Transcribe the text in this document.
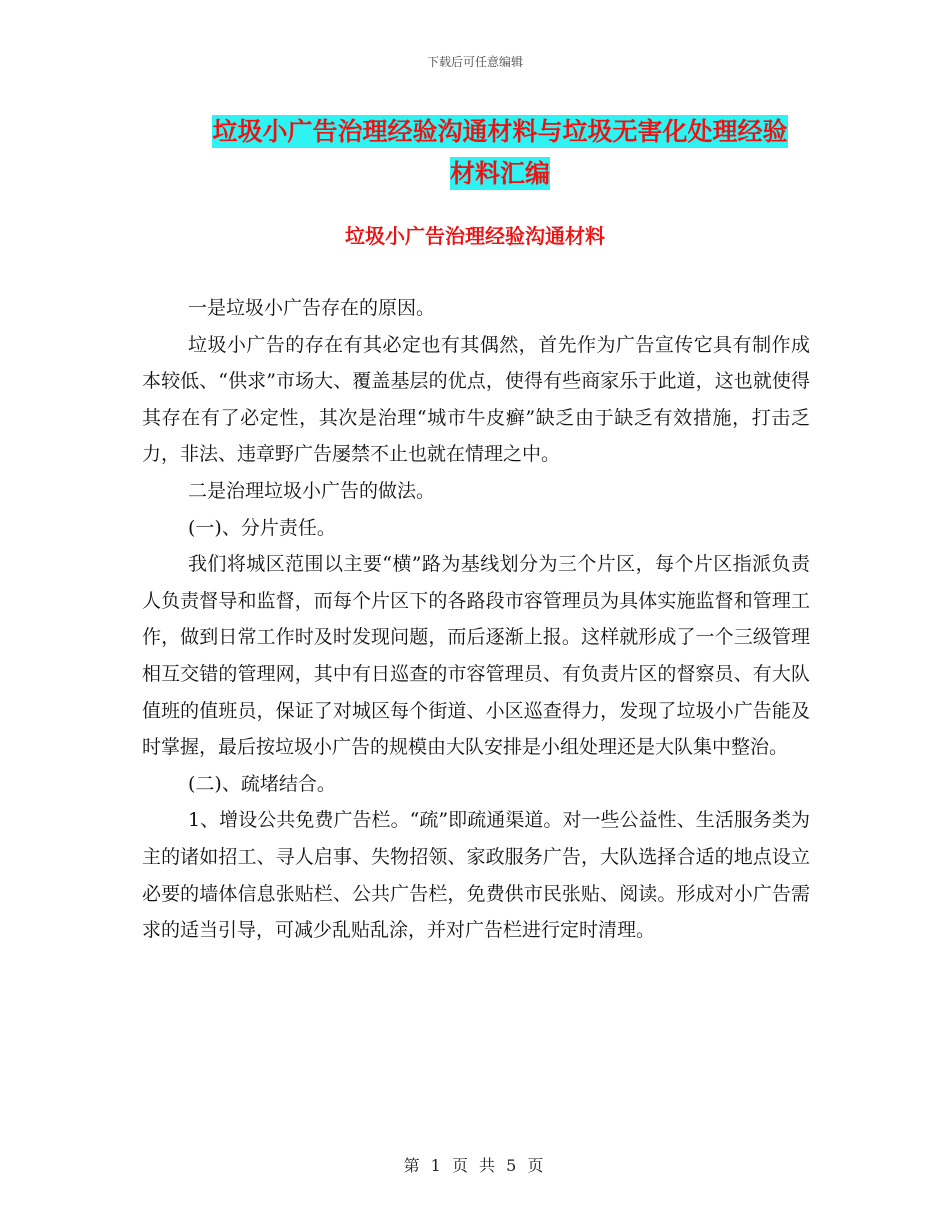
下载后可任意编辑
垃圾小广告治理经验沟通材料与垃圾无害化处理经验
材料汇编
垃圾小广告治理经验沟通材料

一是垃圾小广告存在的原因。

垃圾小广告的存在有其必定也有其偶然，首先作为广告宣传它具有制作成本较低、“供求”市场大、覆盖基层的优点，使得有些商家乐于此道，这也就使得其存在有了必定性，其次是治理“城市牛皮癣”缺乏由于缺乏有效措施，打击乏力，非法、违章野广告屡禁不止也就在情理之中。

二是治理垃圾小广告的做法。

(一)、分片责任。

我们将城区范围以主要“横”路为基线划分为三个片区，每个片区指派负责人负责督导和监督，而每个片区下的各路段市容管理员为具体实施监督和管理工作，做到日常工作时及时发现问题，而后逐渐上报。这样就形成了一个三级管理相互交错的管理网，其中有日巡查的市容管理员、有负责片区的督察员、有大队值班的值班员，保证了对城区每个街道、小区巡查得力，发现了垃圾小广告能及时掌握，最后按垃圾小广告的规模由大队安排是小组处理还是大队集中整治。

(二)、疏堵结合。

1、增设公共免费广告栏。“疏”即疏通渠道。对一些公益性、生活服务类为主的诸如招工、寻人启事、失物招领、家政服务广告，大队选择合适的地点设立必要的墙体信息张贴栏、公共广告栏，免费供市民张贴、阅读。形成对小广告需求的适当引导，可减少乱贴乱涂，并对广告栏进行定时清理。

第 1 页 共 5 页
